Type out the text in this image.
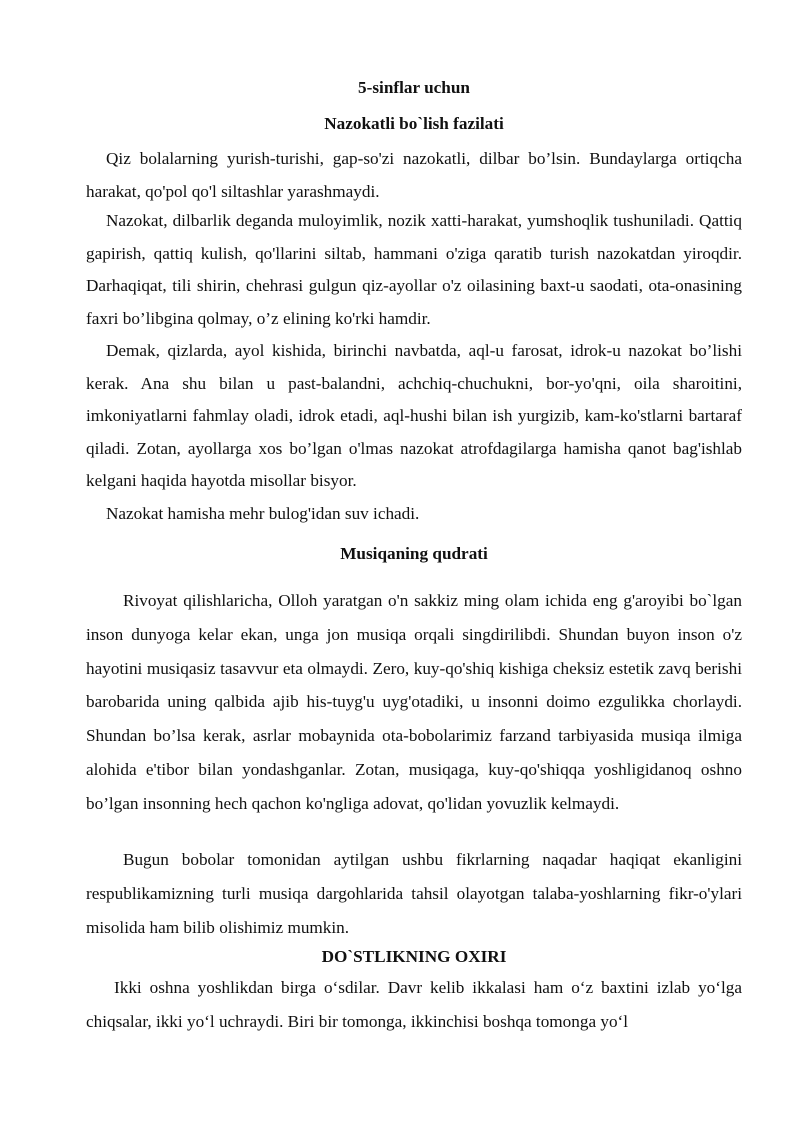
5-sinflar uchun
Nazokatli bo`lish fazilati

Qiz bolalarning yurish-turishi, gap-so'zi nazokatli, dilbar bo’lsin. Bundaylarga ortiqcha harakat, qo'pol qo'l siltashlar yarashmaydi.

Nazokat, dilbarlik deganda muloyimlik, nozik xatti-harakat, yumshoqlik tushuniladi. Qattiq gapirish, qattiq kulish, qo'llarini siltab, hammani o'ziga qaratib turish nazokatdan yiroqdir. Darhaqiqat, tili shirin, chehrasi gulgun qiz-ayollar o'z oilasining baxt-u saodati, ota-onasining faxri bo’libgina qolmay, o’z elining ko'rki hamdir.

Demak, qizlarda, ayol kishida, birinchi navbatda, aql-u farosat, idrok-u nazokat bo’lishi kerak. Ana shu bilan u past-balandni, achchiq-chuchukni, bor-yo'qni, oila sharoitini, imkoniyatlarni fahmlay oladi, idrok etadi, aql-hushi bilan ish yurgizib, kam-ko'stlarni bartaraf qiladi. Zotan, ayollarga xos bo’lgan o'lmas nazokat atrofdagilarga hamisha qanot bag'ishlab kelgani haqida hayotda misollar bisyor.

Nazokat hamisha mehr bulog'idan suv ichadi.

Musiqaning qudrati

Rivoyat qilishlaricha, Olloh yaratgan o'n sakkiz ming olam ichida eng g'aroyibi bo`lgan inson dunyoga kelar ekan, unga jon musiqa orqali singdirilibdi. Shundan buyon inson o'z hayotini musiqasiz tasavvur eta olmaydi. Zero, kuy-qo'shiq kishiga cheksiz estetik zavq berishi barobarida uning qalbida ajib his-tuyg'u uyg'otadiki, u insonni doimo ezgulikka chorlaydi. Shundan bo’lsa kerak, asrlar mobaynida ota-bobolarimiz farzand tarbiyasida musiqa ilmiga alohida e'tibor bilan yondashganlar. Zotan, musiqaga, kuy-qo'shiqqa yoshligidanoq oshno bo’lgan insonning hech qachon ko'ngliga adovat, qo'lidan yovuzlik kelmaydi.

Bugun bobolar tomonidan aytilgan ushbu fikrlarning naqadar haqiqat ekanligini respublikamizning turli musiqa dargohlarida tahsil olayotgan talaba-yoshlarning fikr-o'ylari misolida ham bilib olishimiz mumkin.

DO`STLIKNING OXIRI

Ikki oshna yoshlikdan birga o‘sdilar. Davr kelib ikkalasi ham o‘z baxtini izlab yo‘lga chiqsalar, ikki yo‘l uchraydi. Biri bir tomonga, ikkinchisi boshqa tomonga yo‘l
